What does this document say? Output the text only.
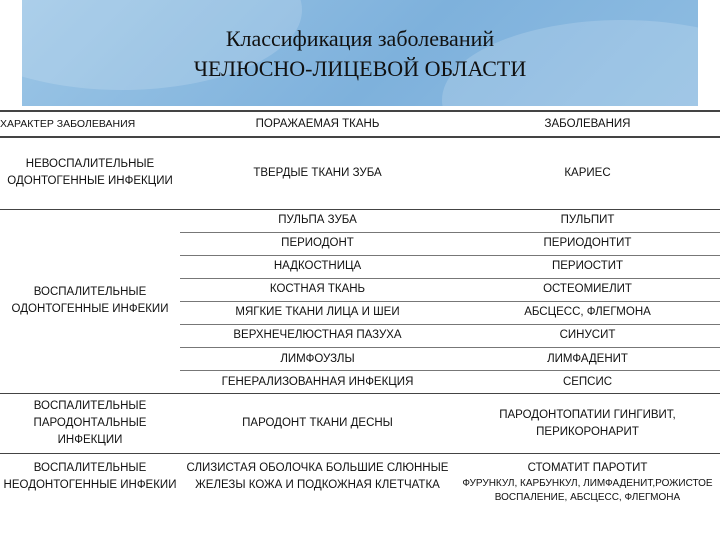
Классификация заболеваний
ЧЕЛЮСНО-ЛИЦЕВОЙ ОБЛАСТИ
ХАРАКТЕР ЗАБОЛЕВАНИЯ	ПОРАЖАЕМАЯ ТКАНЬ	ЗАБОЛЕВАНИЯ
НЕВОСПАЛИТЕЛЬНЫЕ ОДОНТОГЕННЫЕ ИНФЕКЦИИ	ТВЕРДЫЕ ТКАНИ ЗУБА	КАРИЕС
ВОСПАЛИТЕЛЬНЫЕ ОДОНТОГЕННЫЕ ИНФЕКИИ	ПУЛЬПА ЗУБА	ПУЛЬПИТ
	ПЕРИОДОНТ	ПЕРИОДОНТИТ
	НАДКОСТНИЦА	ПЕРИОСТИТ
	КОСТНАЯ ТКАНЬ	ОСТЕОМИЕЛИТ
	МЯГКИЕ ТКАНИ ЛИЦА И ШЕИ	АБСЦЕСС, ФЛЕГМОНА
	ВЕРХНЕЧЕЛЮСТНАЯ ПАЗУХА	СИНУСИТ
	ЛИМФОУЗЛЫ	ЛИМФАДЕНИТ
	ГЕНЕРАЛИЗОВАННАЯ ИНФЕКЦИЯ	СЕПСИС
ВОСПАЛИТЕЛЬНЫЕ ПАРОДОНТАЛЬНЫЕ ИНФЕКЦИИ	ПАРОДОНТ ТКАНИ ДЕСНЫ	ПАРОДОНТОПАТИИ ГИНГИВИТ, ПЕРИКОРОНАРИТ
ВОСПАЛИТЕЛЬНЫЕ НЕОДОНТОГЕННЫЕ ИНФЕКИИ	СЛИЗИСТАЯ ОБОЛОЧКА БОЛЬШИЕ СЛЮННЫЕ ЖЕЛЕЗЫ КОЖА И ПОДКОЖНАЯ КЛЕТЧАТКА	СТОМАТИТ ПАРОТИТ
ФУРУНКУЛ, КАРБУНКУЛ, ЛИМФАДЕНИТ,РОЖИСТОЕ ВОСПАЛЕНИЕ, АБСЦЕСС, ФЛЕГМОНА
